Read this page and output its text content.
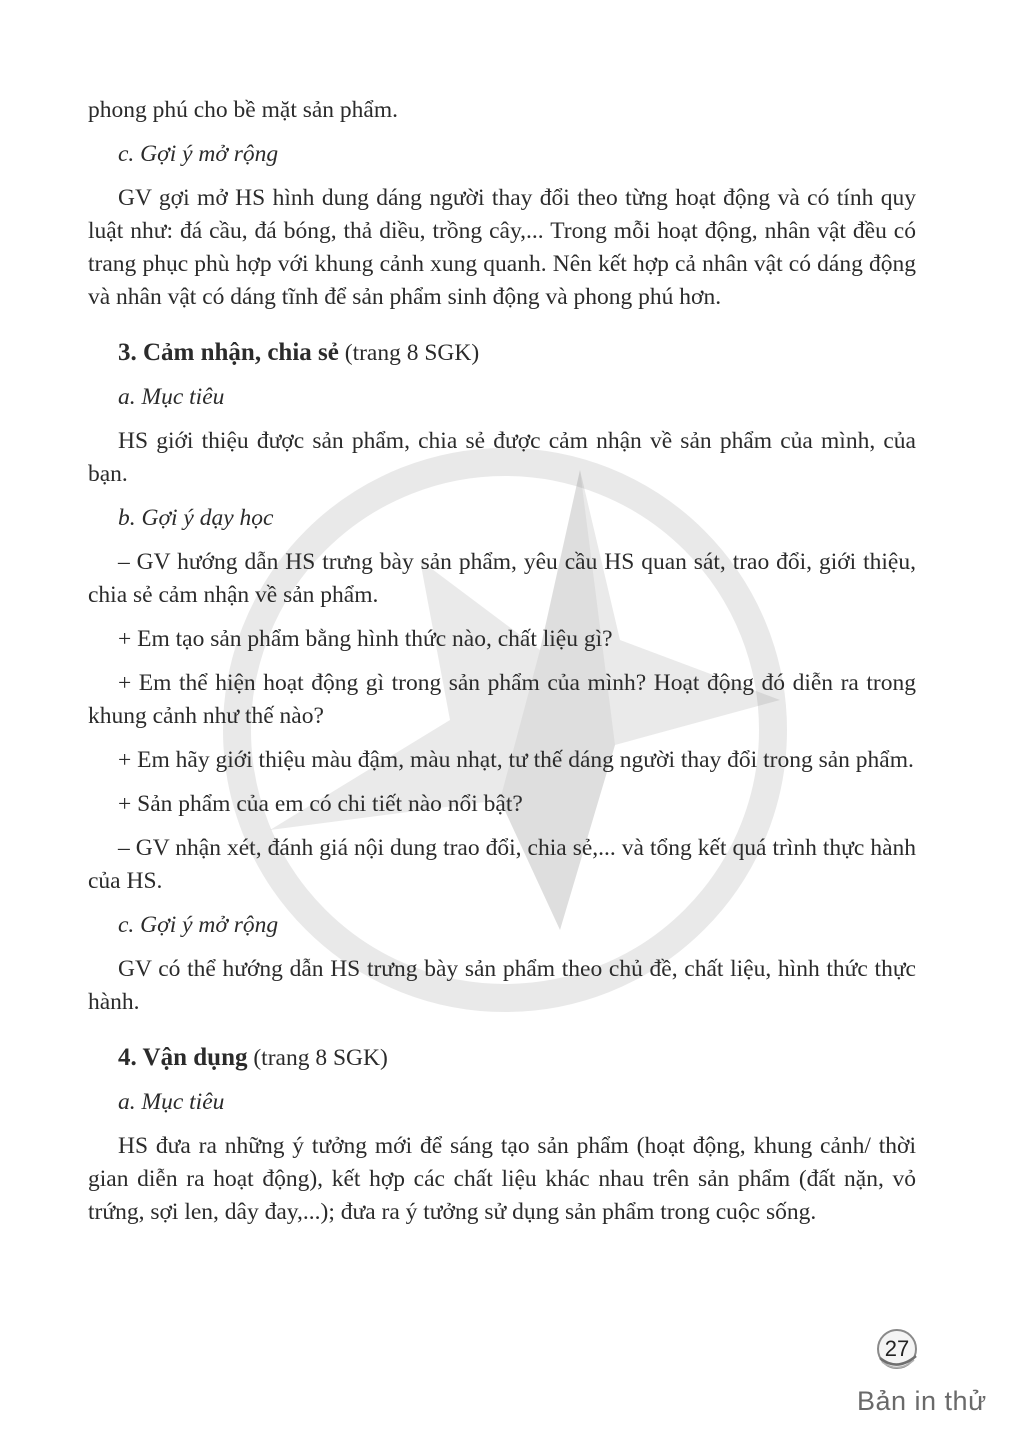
phong phú cho bề mặt sản phẩm.

c. Gợi ý mở rộng

GV gợi mở HS hình dung dáng người thay đổi theo từng hoạt động và có tính quy luật như: đá cầu, đá bóng, thả diều, trồng cây,... Trong mỗi hoạt động, nhân vật đều có trang phục phù hợp với khung cảnh xung quanh. Nên kết hợp cả nhân vật có dáng động và nhân vật có dáng tĩnh để sản phẩm sinh động và phong phú hơn.

3. Cảm nhận, chia sẻ (trang 8 SGK)

a. Mục tiêu

HS giới thiệu được sản phẩm, chia sẻ được cảm nhận về sản phẩm của mình, của bạn.

b. Gợi ý dạy học

– GV hướng dẫn HS trưng bày sản phẩm, yêu cầu HS quan sát, trao đổi, giới thiệu, chia sẻ cảm nhận về sản phẩm.

+ Em tạo sản phẩm bằng hình thức nào, chất liệu gì?

+ Em thể hiện hoạt động gì trong sản phẩm của mình? Hoạt động đó diễn ra trong khung cảnh như thế nào?

+ Em hãy giới thiệu màu đậm, màu nhạt, tư thế dáng người thay đổi trong sản phẩm.

+ Sản phẩm của em có chi tiết nào nổi bật?

– GV nhận xét, đánh giá nội dung trao đổi, chia sẻ,... và tổng kết quá trình thực hành của HS.

c. Gợi ý mở rộng

GV có thể hướng dẫn HS trưng bày sản phẩm theo chủ đề, chất liệu, hình thức thực hành.

4. Vận dụng (trang 8 SGK)

a. Mục tiêu

HS đưa ra những ý tưởng mới để sáng tạo sản phẩm (hoạt động, khung cảnh/ thời gian diễn ra hoạt động), kết hợp các chất liệu khác nhau trên sản phẩm (đất nặn, vỏ trứng, sợi len, dây đay,...); đưa ra ý tưởng sử dụng sản phẩm trong cuộc sống.

27
Bản in thử
